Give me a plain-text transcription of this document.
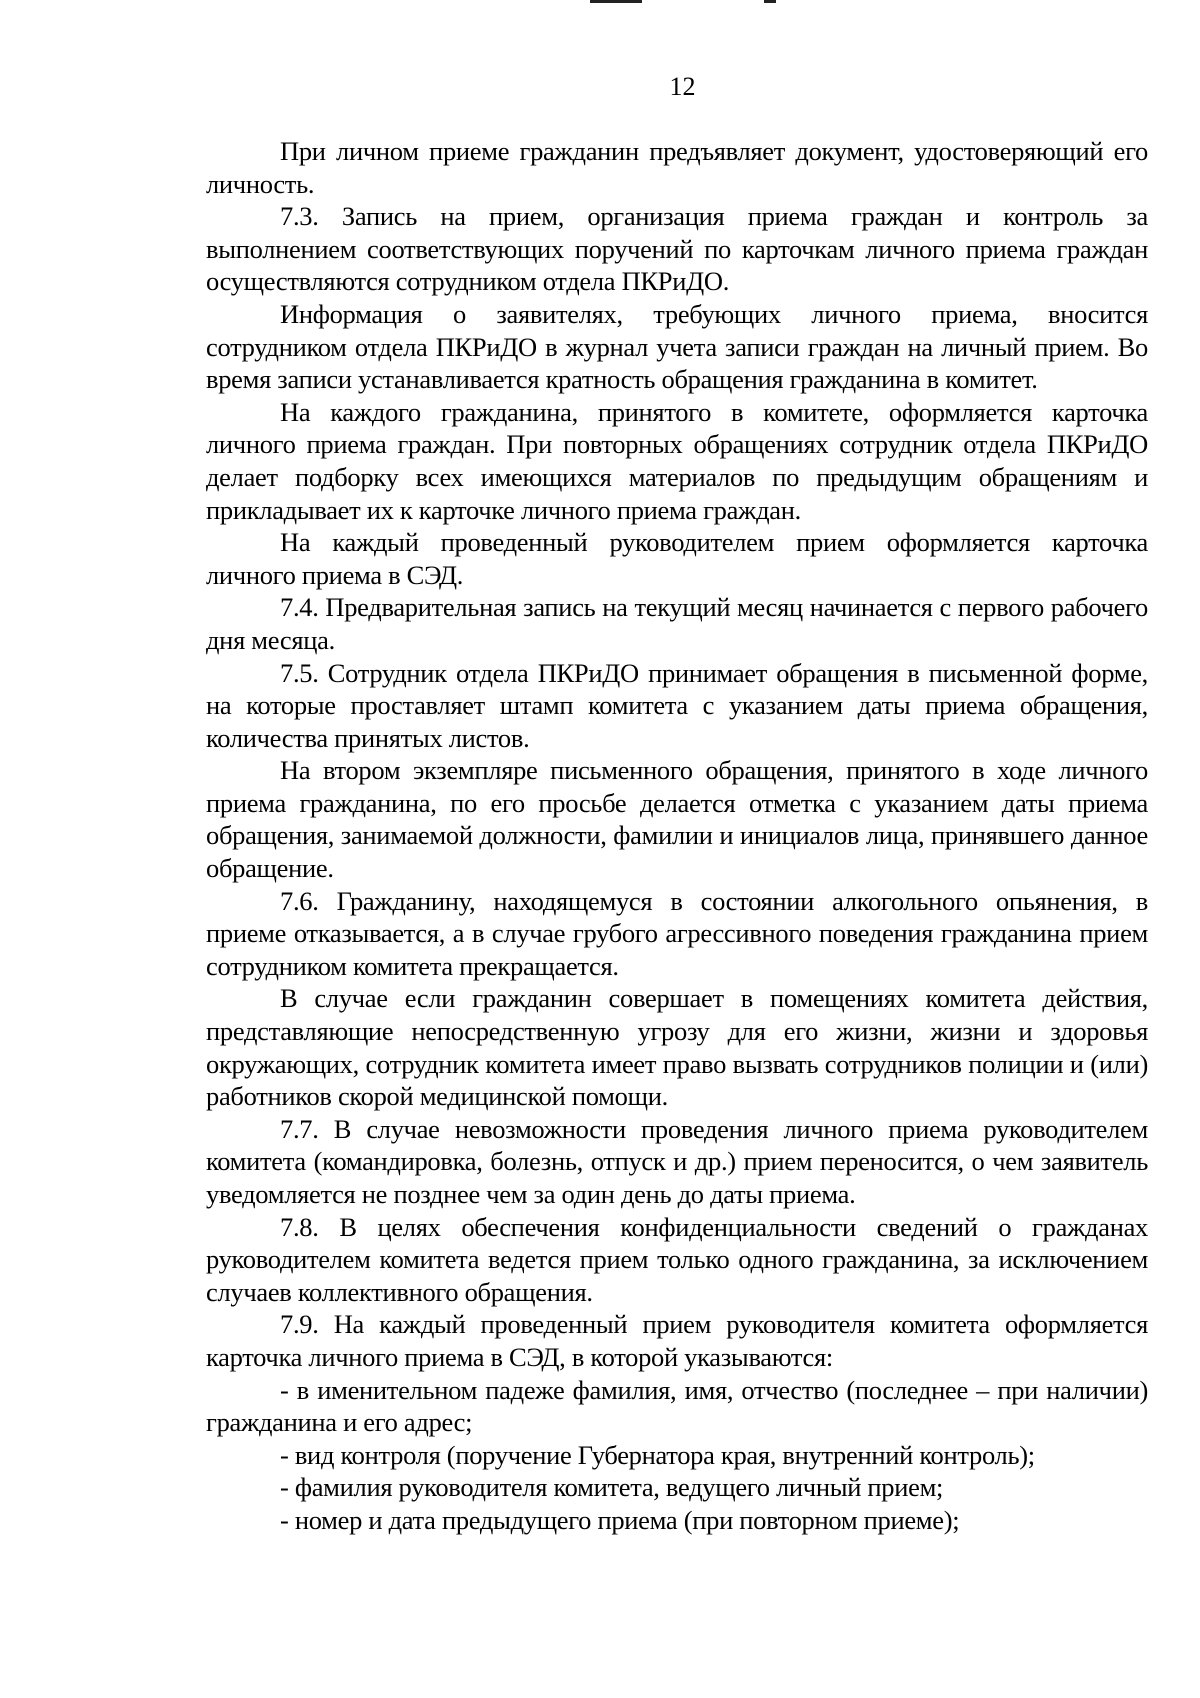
12

При личном приеме гражданин предъявляет документ, удостоверяющий его личность.

7.3. Запись на прием, организация приема граждан и контроль за выполнением соответствующих поручений по карточкам личного приема граждан осуществляются сотрудником отдела ПКРиДО.

Информация о заявителях, требующих личного приема, вносится сотрудником отдела ПКРиДО в журнал учета записи граждан на личный прием. Во время записи устанавливается кратность обращения гражданина в комитет.

На каждого гражданина, принятого в комитете, оформляется карточка личного приема граждан. При повторных обращениях сотрудник отдела ПКРиДО делает подборку всех имеющихся материалов по предыдущим обращениям и прикладывает их к карточке личного приема граждан.

На каждый проведенный руководителем прием оформляется карточка личного приема в СЭД.

7.4. Предварительная запись на текущий месяц начинается с первого рабочего дня месяца.

7.5. Сотрудник отдела ПКРиДО принимает обращения в письменной форме, на которые проставляет штамп комитета с указанием даты приема обращения, количества принятых листов.

На втором экземпляре письменного обращения, принятого в ходе личного приема гражданина, по его просьбе делается отметка с указанием даты приема обращения, занимаемой должности, фамилии и инициалов лица, принявшего данное обращение.

7.6. Гражданину, находящемуся в состоянии алкогольного опьянения, в приеме отказывается, а в случае грубого агрессивного поведения гражданина прием сотрудником комитета прекращается.

В случае если гражданин совершает в помещениях комитета действия, представляющие непосредственную угрозу для его жизни, жизни и здоровья окружающих, сотрудник комитета имеет право вызвать сотрудников полиции и (или) работников скорой медицинской помощи.

7.7. В случае невозможности проведения личного приема руководителем комитета (командировка, болезнь, отпуск и др.) прием переносится, о чем заявитель уведомляется не позднее чем за один день до даты приема.

7.8. В целях обеспечения конфиденциальности сведений о гражданах руководителем комитета ведется прием только одного гражданина, за исключением случаев коллективного обращения.

7.9. На каждый проведенный прием руководителя комитета оформляется карточка личного приема в СЭД, в которой указываются:

- в именительном падеже фамилия, имя, отчество (последнее – при наличии) гражданина и его адрес;

- вид контроля (поручение Губернатора края, внутренний контроль);

- фамилия руководителя комитета, ведущего личный прием;

- номер и дата предыдущего приема (при повторном приеме);
